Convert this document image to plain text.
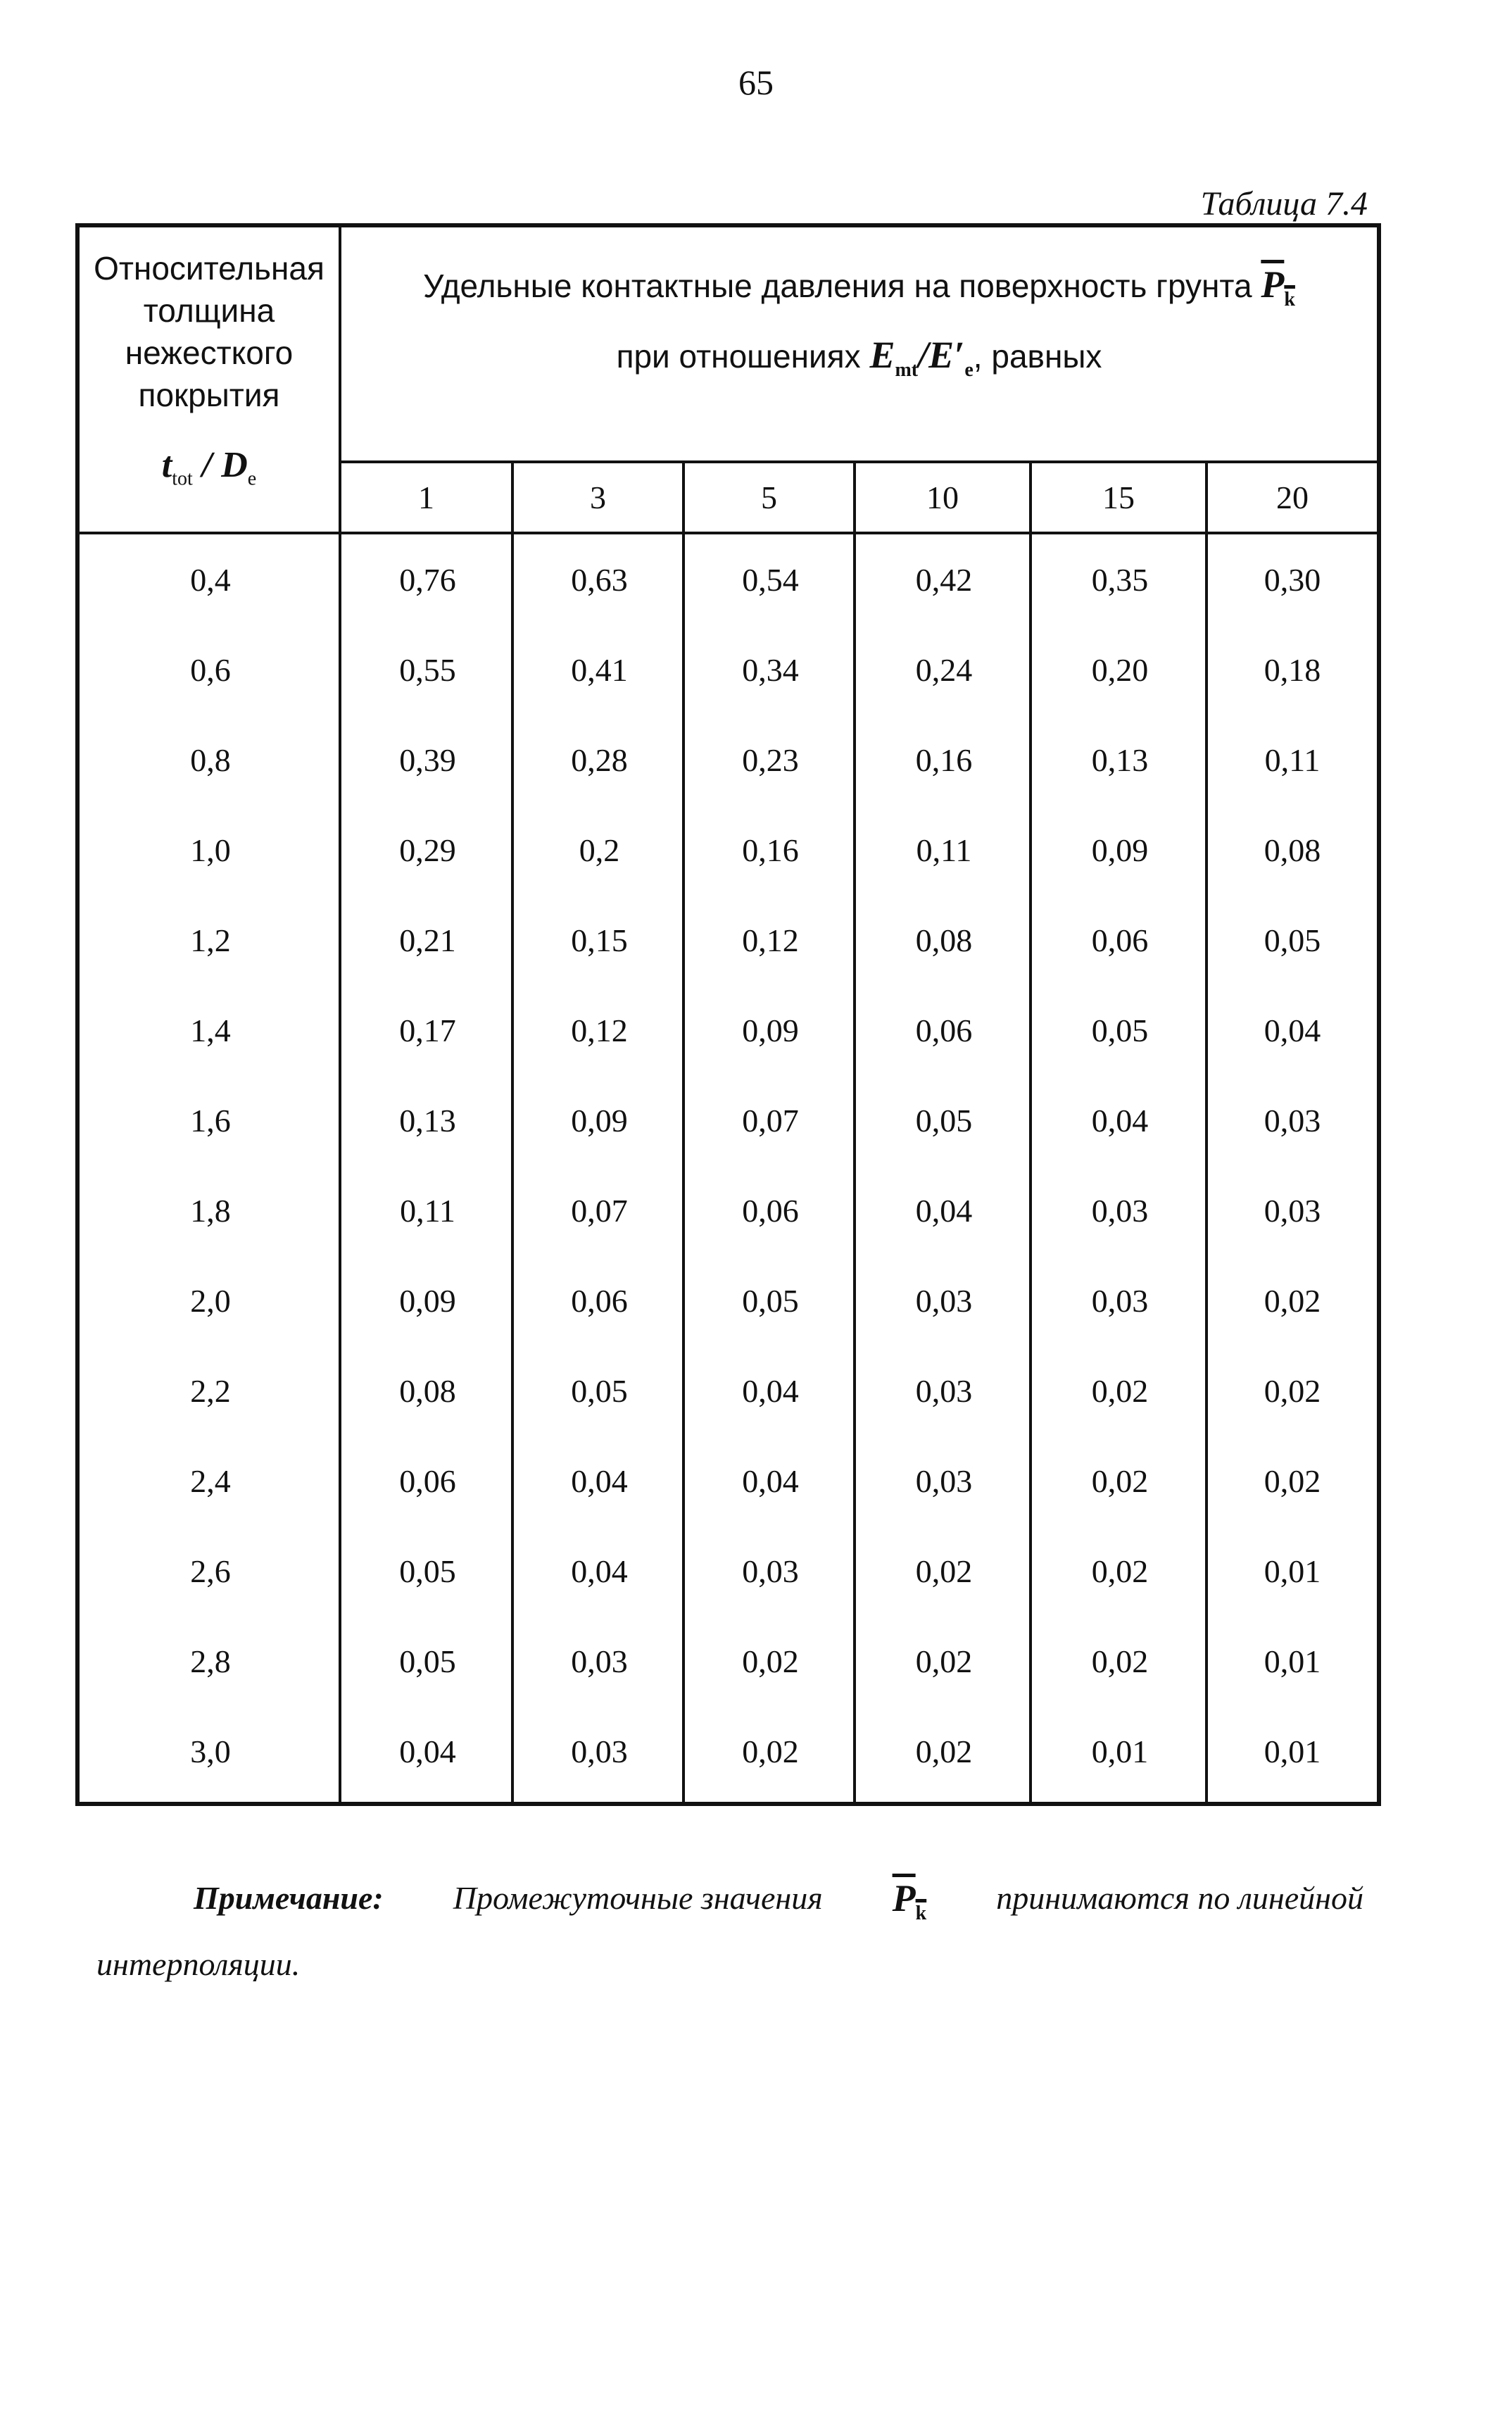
65
Таблица 7.4
Относительная
толщина
нежесткого
покрытия
$t_{tot} / D_e$
Удельные контактные давления на поверхность грунта $P_k$
при отношениях $E_{mt}/E'_e$, равных
1	3	5	10	15	20
0,4	0,76	0,63	0,54	0,42	0,35	0,30
0,6	0,55	0,41	0,34	0,24	0,20	0,18
0,8	0,39	0,28	0,23	0,16	0,13	0,11
1,0	0,29	0,2	0,16	0,11	0,09	0,08
1,2	0,21	0,15	0,12	0,08	0,06	0,05
1,4	0,17	0,12	0,09	0,06	0,05	0,04
1,6	0,13	0,09	0,07	0,05	0,04	0,03
1,8	0,11	0,07	0,06	0,04	0,03	0,03
2,0	0,09	0,06	0,05	0,03	0,03	0,02
2,2	0,08	0,05	0,04	0,03	0,02	0,02
2,4	0,06	0,04	0,04	0,03	0,02	0,02
2,6	0,05	0,04	0,03	0,02	0,02	0,01
2,8	0,05	0,03	0,02	0,02	0,02	0,01
3,0	0,04	0,03	0,02	0,02	0,01	0,01
Примечание: Промежуточные значения $P_k$ принимаются по линейной
интерполяции.
